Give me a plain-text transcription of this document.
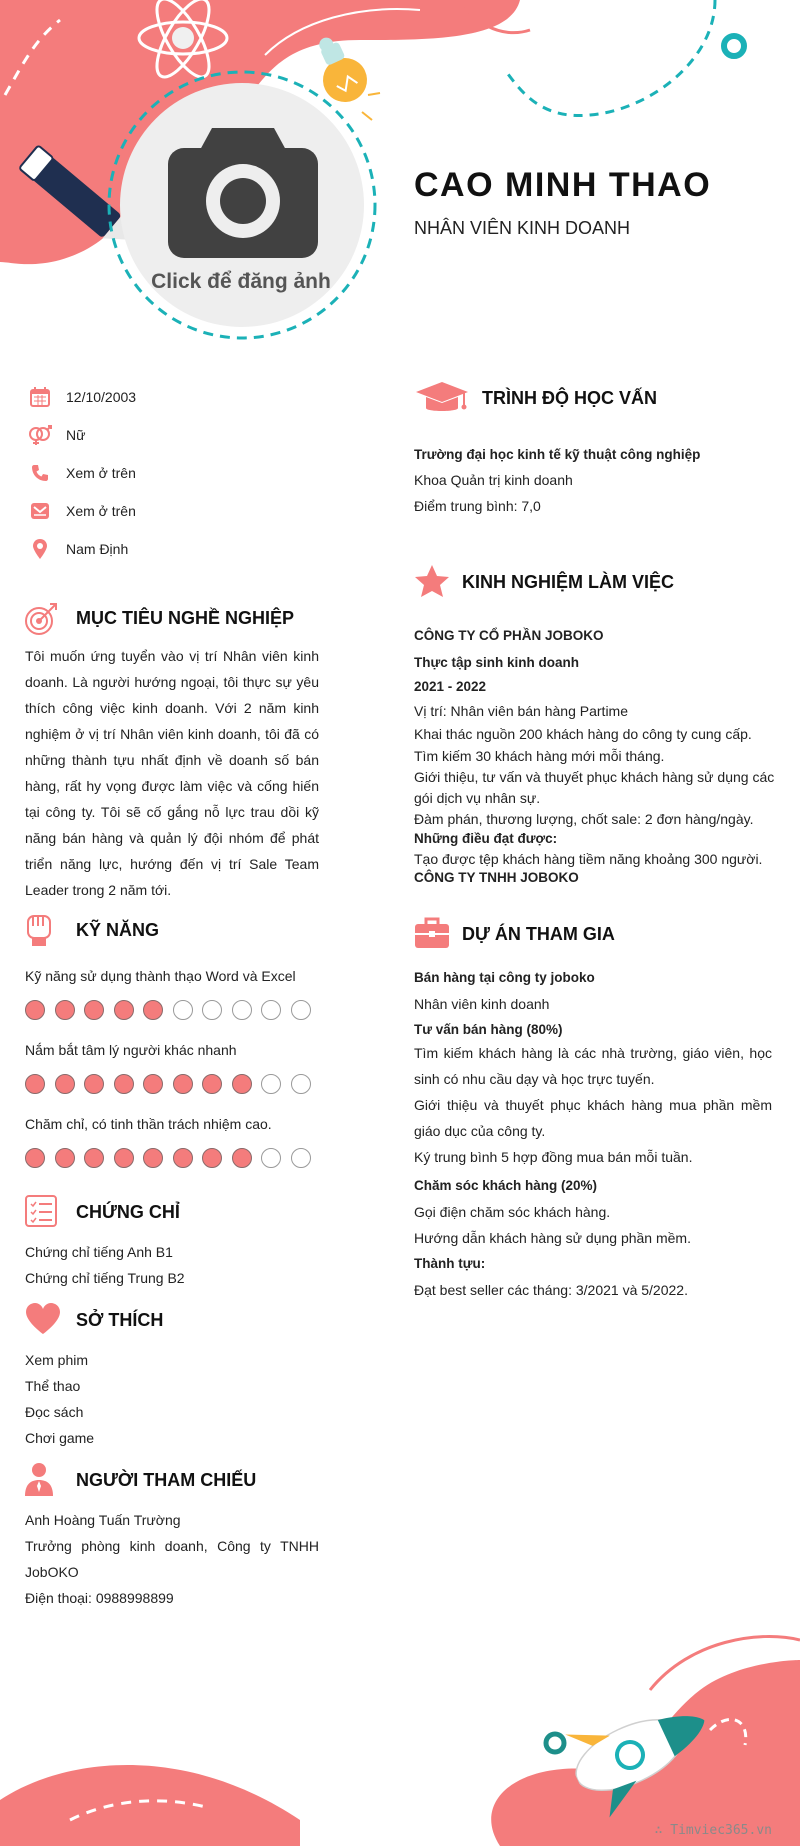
Click để đăng ảnh
CAO MINH THAO
NHÂN VIÊN KINH DOANH
12/10/2003
Nữ
Xem ở trên
Xem ở trên
Nam Định
MỤC TIÊU NGHỀ NGHIỆP
Tôi muốn ứng tuyển vào vị trí Nhân viên kinh doanh. Là người hướng ngoại, tôi thực sự yêu thích công việc kinh doanh. Với 2 năm kinh nghiệm ở vị trí Nhân viên kinh doanh, tôi đã có những thành tựu nhất định về doanh số bán hàng, rất hy vọng được làm việc và cống hiến tại công ty. Tôi sẽ cố gắng nỗ lực trau dồi kỹ năng bán hàng và quản lý đội nhóm để phát triển năng lực, hướng đến vị trí Sale Team Leader trong 2 năm tới.
KỸ NĂNG
Kỹ năng sử dụng thành thạo Word và Excel
Nắm bắt tâm lý người khác nhanh
Chăm chỉ, có tinh thần trách nhiệm cao.
CHỨNG CHỈ
Chứng chỉ tiếng Anh B1
Chứng chỉ tiếng Trung B2
SỞ THÍCH
Xem phim
Thể thao
Đọc sách
Chơi game
NGƯỜI THAM CHIẾU
Anh Hoàng Tuấn Trường
Trưởng phòng kinh doanh, Công ty TNHH JobOKO
Điện thoại: 0988998899
TRÌNH ĐỘ HỌC VẤN
Trường đại học kinh tế kỹ thuật công nghiệp
Khoa Quản trị kinh doanh
Điểm trung bình: 7,0
KINH NGHIỆM LÀM VIỆC
CÔNG TY CỔ PHẦN JOBOKO
Thực tập sinh kinh doanh
2021 - 2022
Vị trí: Nhân viên bán hàng Partime
Khai thác nguồn 200 khách hàng do công ty cung cấp.
Tìm kiếm 30 khách hàng mới mỗi tháng.
Giới thiệu, tư vấn và thuyết phục khách hàng sử dụng các
gói dịch vụ nhân sự.
Đàm phán, thương lượng, chốt sale: 2 đơn hàng/ngày.
Những điều đạt được:
Tạo được tệp khách hàng tiềm năng khoảng 300 người.
CÔNG TY TNHH JOBOKO
DỰ ÁN THAM GIA
Bán hàng tại công ty joboko
Nhân viên kinh doanh
Tư vấn bán hàng (80%)
Tìm kiếm khách hàng là các nhà trường, giáo viên, học sinh có nhu cầu dạy và học trực tuyến.
Giới thiệu và thuyết phục khách hàng mua phần mềm giáo dục của công ty.
Ký trung bình 5 hợp đồng mua bán mỗi tuần.
Chăm sóc khách hàng (20%)
Gọi điện chăm sóc khách hàng.
Hướng dẫn khách hàng sử dụng phần mềm.
Thành tựu:
Đạt best seller các tháng: 3/2021 và 5/2022.
∴ Timviec365.vn
